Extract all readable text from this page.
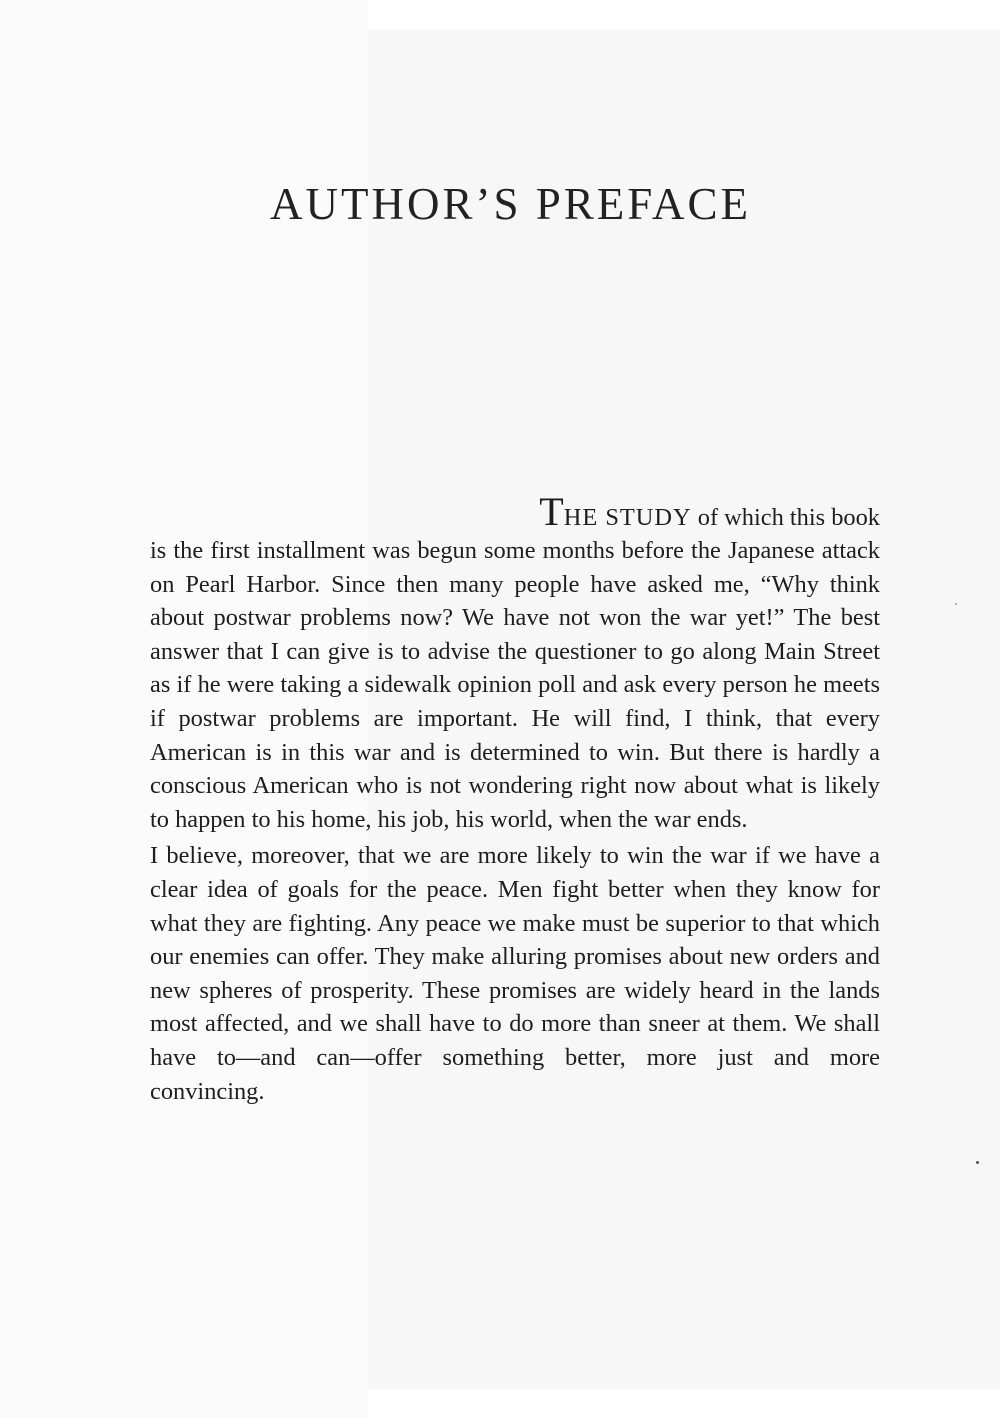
AUTHOR’S PREFACE
THE STUDY of which this book

is the first installment was begun some months before the Japanese attack on Pearl Harbor. Since then many people have asked me, “Why think about postwar problems now? We have not won the war yet!” The best answer that I can give is to advise the questioner to go along Main Street as if he were taking a sidewalk opinion poll and ask every person he meets if postwar problems are important. He will find, I think, that every American is in this war and is determined to win. But there is hardly a conscious American who is not wondering right now about what is likely to happen to his home, his job, his world, when the war ends.

I believe, moreover, that we are more likely to win the war if we have a clear idea of goals for the peace. Men fight better when they know for what they are fighting. Any peace we make must be superior to that which our enemies can offer. They make alluring promises about new orders and new spheres of prosperity. These promises are widely heard in the lands most affected, and we shall have to do more than sneer at them. We shall have to—and can—offer something better, more just and more convincing.
